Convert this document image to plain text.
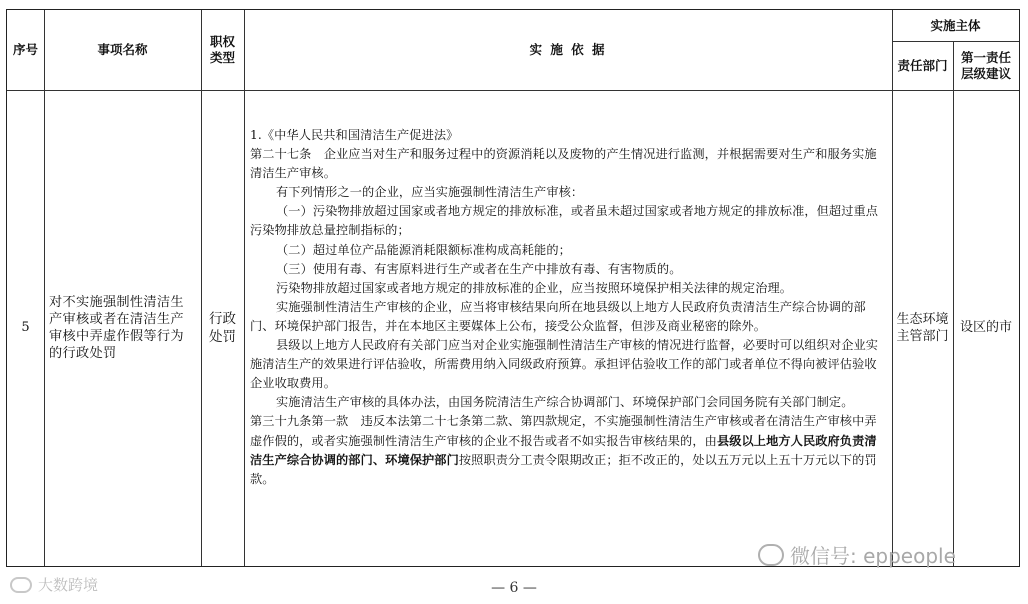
序号	事项名称
职权
类型
实 施 依 据
实施主体
责任部门
第一责任
层级建议
5
对不实施强制性清洁生产审核或者在清洁生产审核中弄虚作假等行为的行政处罚
行政
处罚
生态环境
主管部门
设区的市

1.《中华人民共和国清洁生产促进法》

第二十七条　企业应当对生产和服务过程中的资源消耗以及废物的产生情况进行监测，并根据需要对生产和服务实施清洁生产审核。

有下列情形之一的企业，应当实施强制性清洁生产审核：

（一）污染物排放超过国家或者地方规定的排放标准，或者虽未超过国家或者地方规定的排放标准，但超过重点污染物排放总量控制指标的；

（二）超过单位产品能源消耗限额标准构成高耗能的；

（三）使用有毒、有害原料进行生产或者在生产中排放有毒、有害物质的。

污染物排放超过国家或者地方规定的排放标准的企业，应当按照环境保护相关法律的规定治理。

实施强制性清洁生产审核的企业，应当将审核结果向所在地县级以上地方人民政府负责清洁生产综合协调的部门、环境保护部门报告，并在本地区主要媒体上公布，接受公众监督，但涉及商业秘密的除外。

县级以上地方人民政府有关部门应当对企业实施强制性清洁生产审核的情况进行监督，必要时可以组织对企业实施清洁生产的效果进行评估验收，所需费用纳入同级政府预算。承担评估验收工作的部门或者单位不得向被评估验收企业收取费用。

实施清洁生产审核的具体办法，由国务院清洁生产综合协调部门、环境保护部门会同国务院有关部门制定。

第三十九条第一款　违反本法第二十七条第二款、第四款规定，不实施强制性清洁生产审核或者在清洁生产审核中弄虚作假的，或者实施强制性清洁生产审核的企业不报告或者不如实报告审核结果的，由县级以上地方人民政府负责清洁生产综合协调的部门、环境保护部门按照职责分工责令限期改正；拒不改正的，处以五万元以上五十万元以下的罚款。

— 6 —
大数跨境
微信号: eppeople
